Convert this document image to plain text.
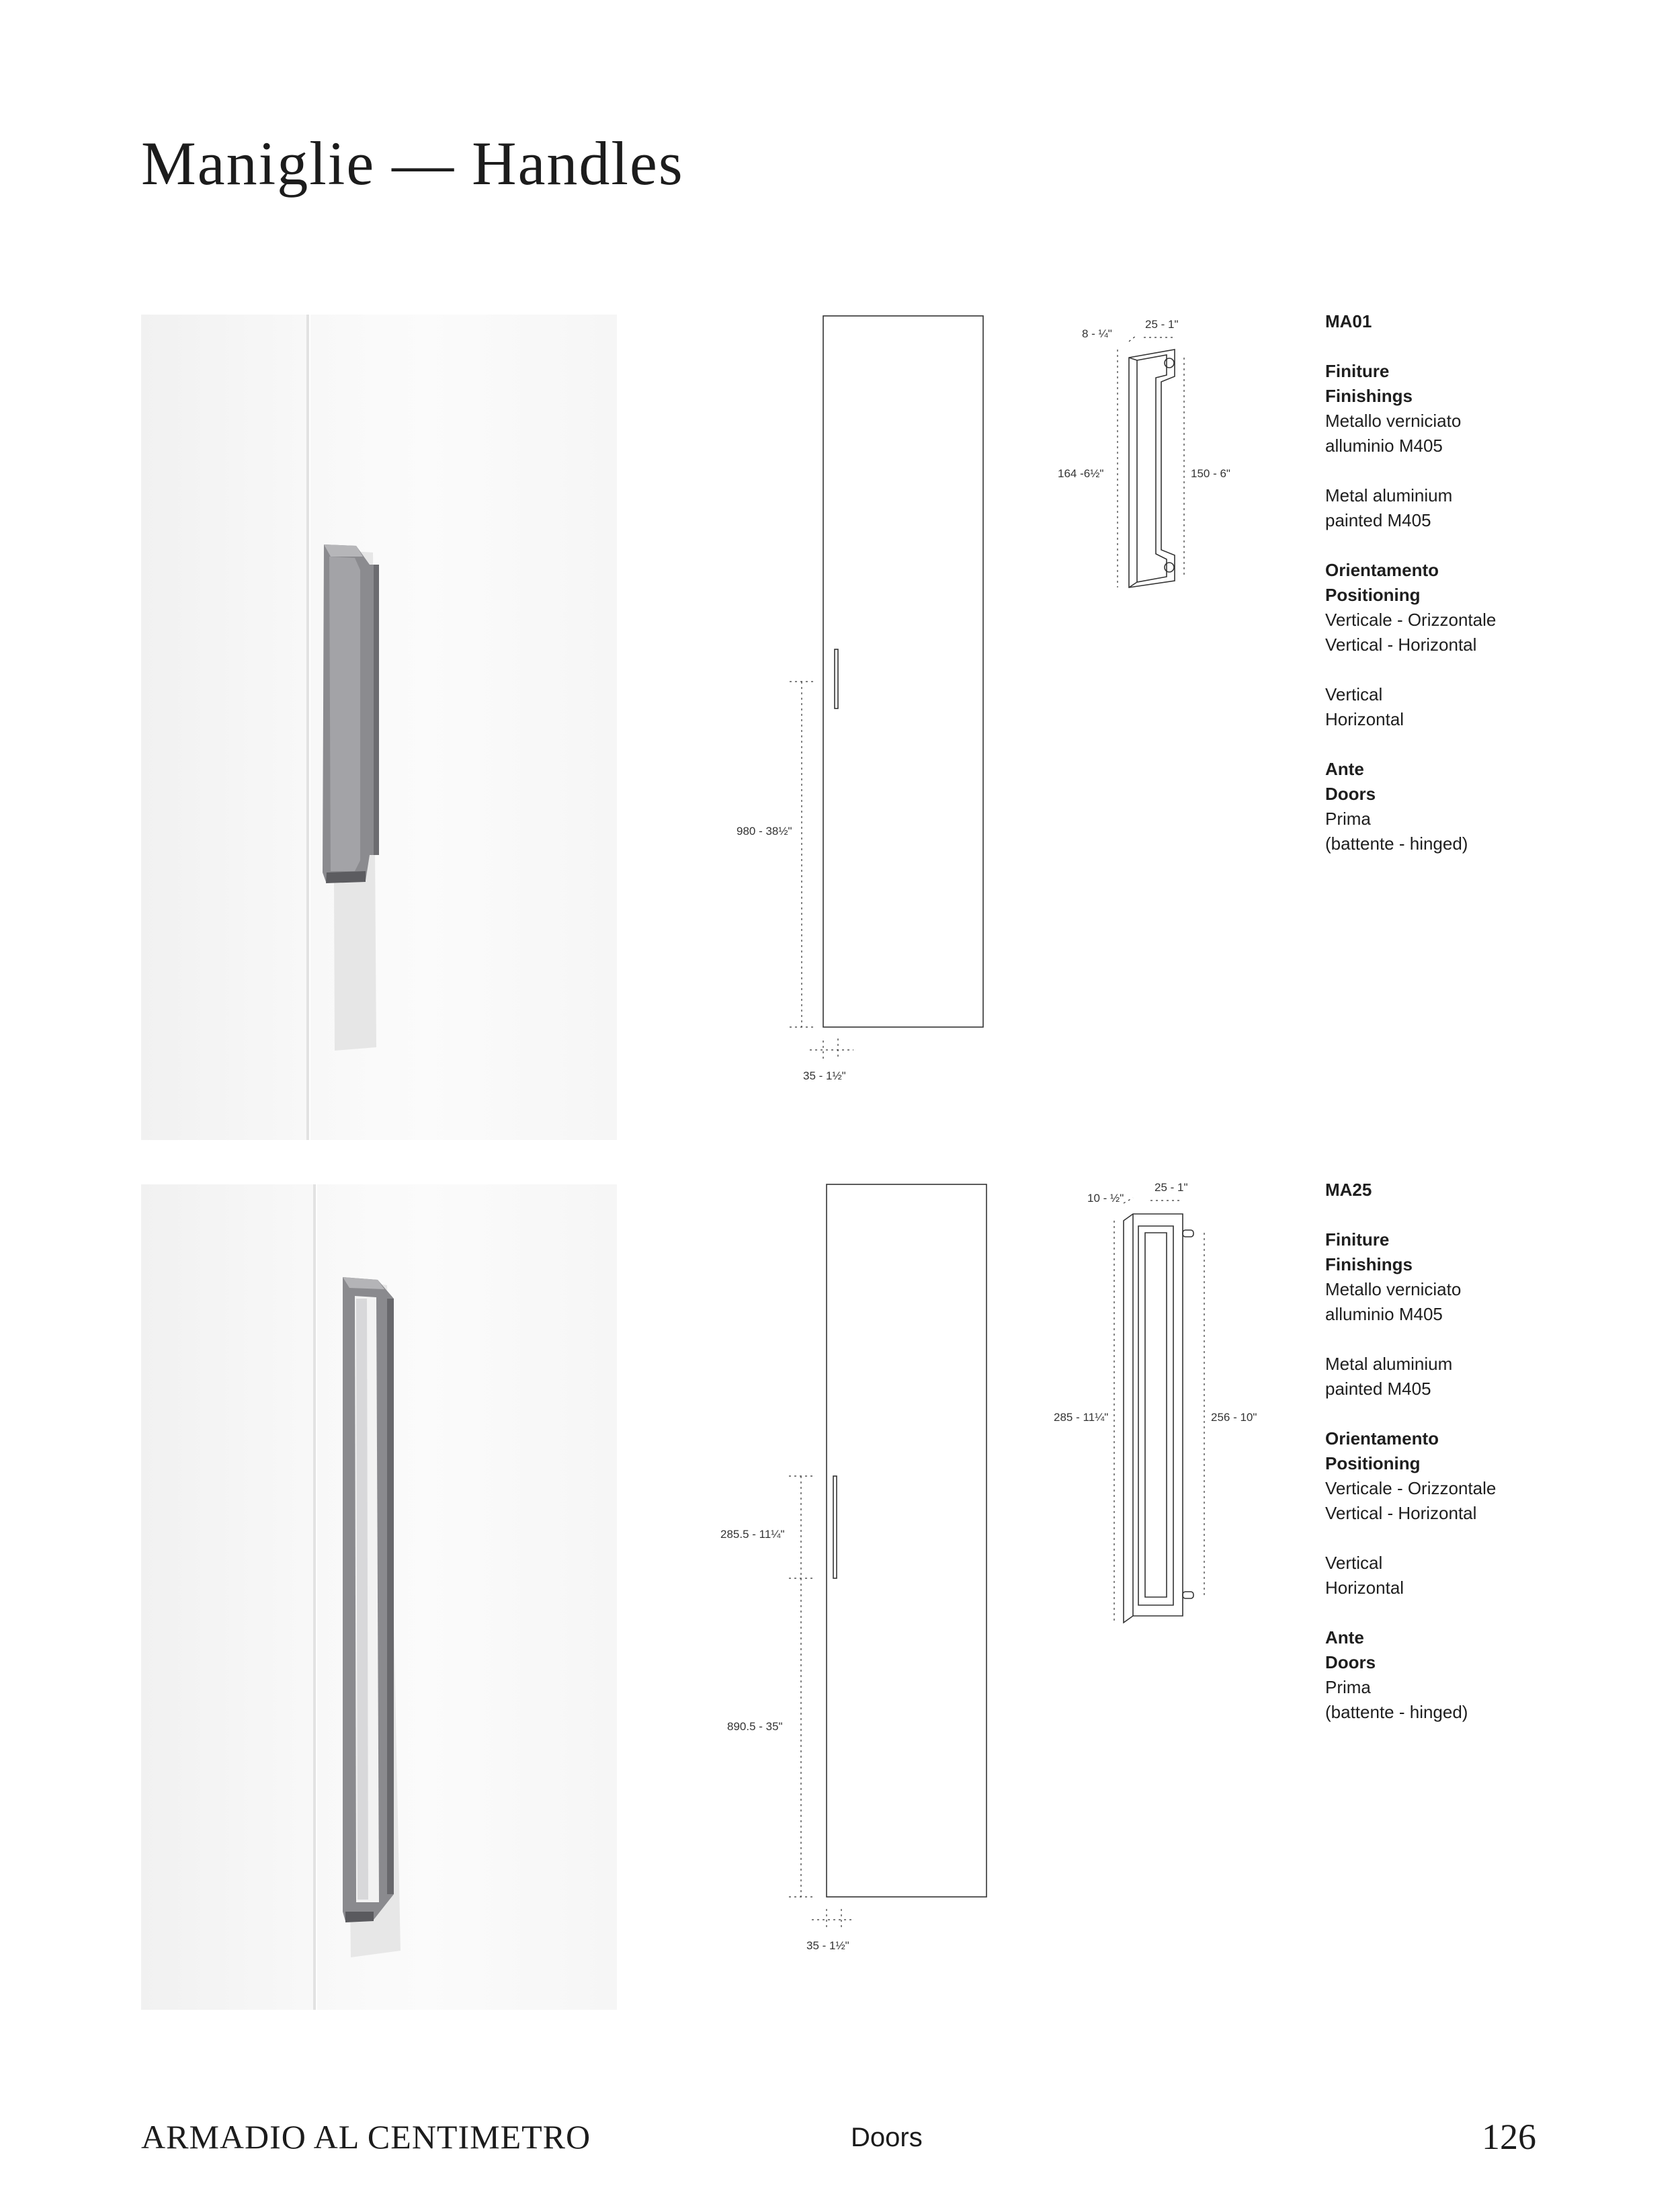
Maniglie — Handles
980 - 38½"
35 - 1½"
25 - 1"
8 - ¼"
164 -6½"	150 - 6"
MA01
Finiture
Finishings
Metallo verniciato
alluminio M405
Metal aluminium
painted M405
Orientamento
Positioning
Verticale - Orizzontale
Vertical - Horizontal
Vertical
Horizontal
Ante
Doors
Prima
(battente - hinged)
285.5 - 11¼"
890.5 - 35"
35 - 1½"
25 - 1"
10 - ½"
285 - 11¼"	256 - 10"
MA25
Finiture
Finishings
Metallo verniciato
alluminio M405
Metal aluminium
painted M405
Orientamento
Positioning
Verticale - Orizzontale
Vertical - Horizontal
Vertical
Horizontal
Ante
Doors
Prima
(battente - hinged)
ARMADIO AL CENTIMETRO	Doors	126
